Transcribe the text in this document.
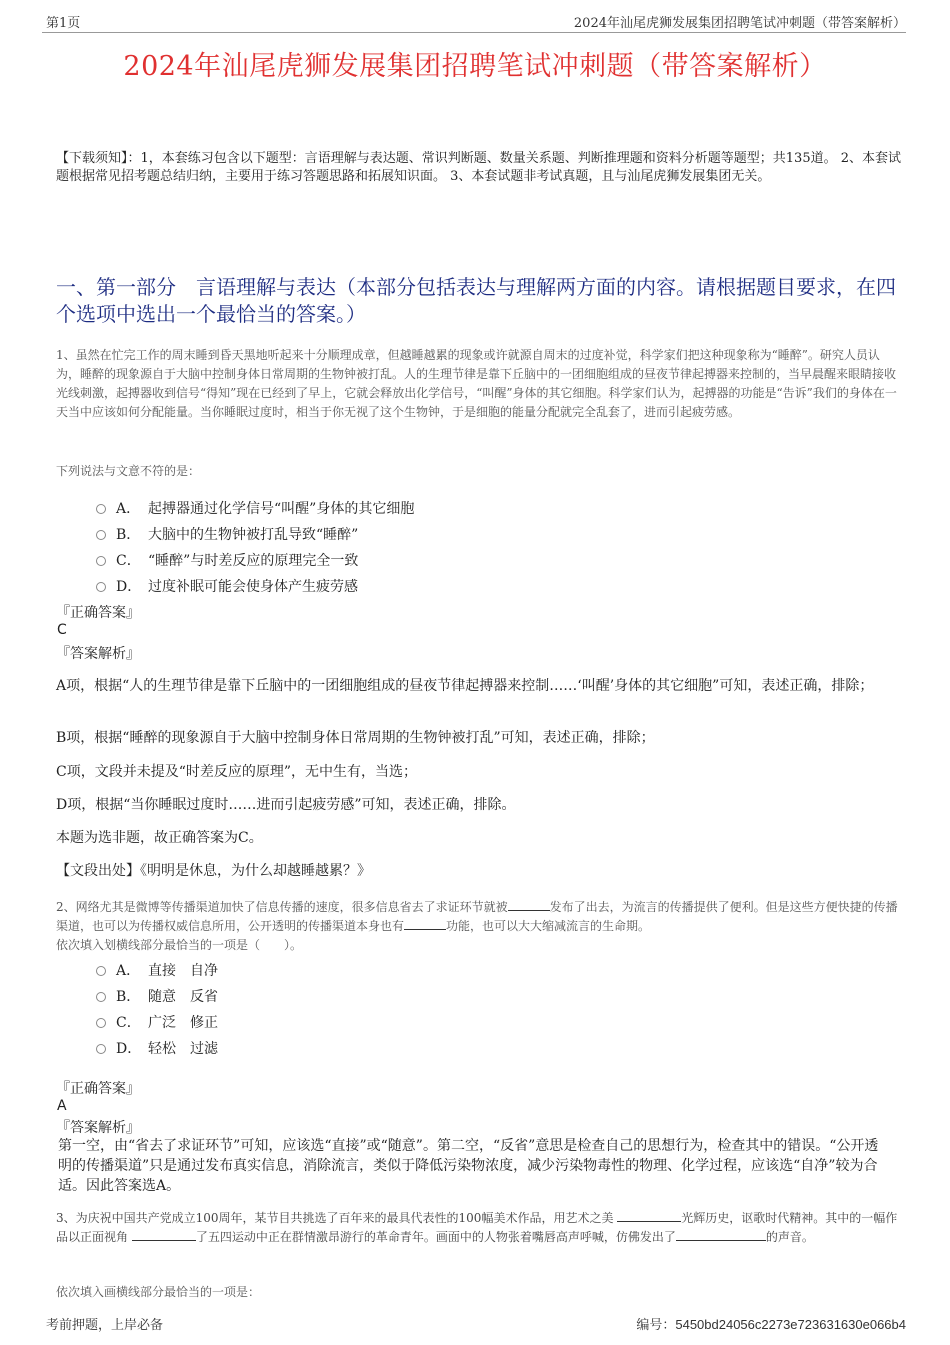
第1页	2024年汕尾虎狮发展集团招聘笔试冲刺题（带答案解析）
2024年汕尾虎狮发展集团招聘笔试冲刺题（带答案解析）
【下载须知】：1，本套练习包含以下题型：言语理解与表达题、常识判断题、数量关系题、判断推理题和资料分析题等题型；共135道。 2、本套试题根据常见招考题总结归纳，主要用于练习答题思路和拓展知识面。 3、本套试题非考试真题，且与汕尾虎狮发展集团无关。
一、第一部分　言语理解与表达（本部分包括表达与理解两方面的内容。请根据题目要求，在四个选项中选出一个最恰当的答案。）
1、虽然在忙完工作的周末睡到昏天黑地听起来十分顺理成章，但越睡越累的现象或许就源自周末的过度补觉，科学家们把这种现象称为“睡醉”。研究人员认为，睡醉的现象源自于大脑中控制身体日常周期的生物钟被打乱。人的生理节律是靠下丘脑中的一团细胞组成的昼夜节律起搏器来控制的，当早晨醒来眼睛接收光线刺激，起搏器收到信号“得知”现在已经到了早上，它就会释放出化学信号，“叫醒”身体的其它细胞。科学家们认为，起搏器的功能是“告诉”我们的身体在一天当中应该如何分配能量。当你睡眠过度时，相当于你无视了这个生物钟，于是细胞的能量分配就完全乱套了，进而引起疲劳感。
下列说法与文意不符的是：
A． 起搏器通过化学信号“叫醒”身体的其它细胞
B． 大脑中的生物钟被打乱导致“睡醉”
C． “睡醉”与时差反应的原理完全一致
D． 过度补眠可能会使身体产生疲劳感
『正确答案』
C
『答案解析』
A项，根据“人的生理节律是靠下丘脑中的一团细胞组成的昼夜节律起搏器来控制……‘叫醒’身体的其它细胞”可知，表述正确，排除；
B项，根据“睡醉的现象源自于大脑中控制身体日常周期的生物钟被打乱”可知，表述正确，排除；
C项，文段并未提及“时差反应的原理”，无中生有，当选；
D项，根据“当你睡眠过度时……进而引起疲劳感”可知，表述正确，排除。
本题为选非题，故正确答案为C。
【文段出处】《明明是休息，为什么却越睡越累？》
2、网络尤其是微博等传播渠道加快了信息传播的速度，很多信息省去了求证环节就被	发布了出去，为流言的传播提供了便利。但是这些方便快捷的传播渠道，也可以为传播权威信息所用，公开透明的传播渠道本身也有	功能，也可以大大缩减流言的生命期。
依次填入划横线部分最恰当的一项是（　　）。
A． 直接　自净
B． 随意　反省
C． 广泛　修正
D． 轻松　过滤
『正确答案』
A
『答案解析』
第一空，由“省去了求证环节”可知，应该选“直接”或“随意”。第二空，“反省”意思是检查自己的思想行为，检查其中的错误。“公开透明的传播渠道”只是通过发布真实信息，消除流言，类似于降低污染物浓度，减少污染物毒性的物理、化学过程，应该选“自净”较为合适。因此答案选A。
3、为庆祝中国共产党成立100周年，某节目共挑选了百年来的最具代表性的100幅美术作品，用艺术之美	光辉历史，讴歌时代精神。其中的一幅作品以正面视角	了五四运动中正在群情激昂游行的革命青年。画面中的人物张着嘴唇高声呼喊，仿佛发出了	的声音。
依次填入画横线部分最恰当的一项是：
考前押题，上岸必备	编号：5450bd24056c2273e723631630e066b4
